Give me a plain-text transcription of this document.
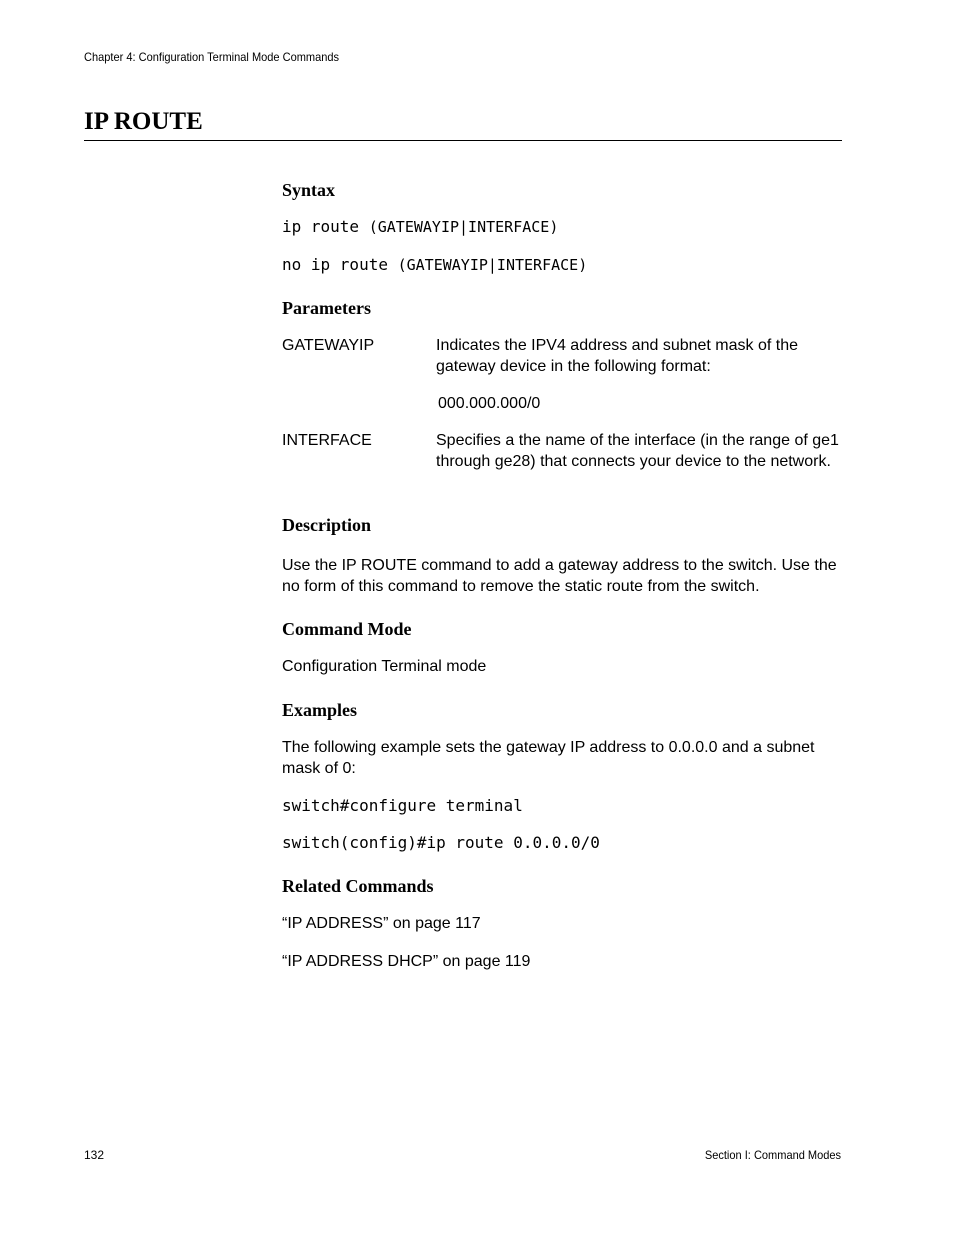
Chapter 4: Configuration Terminal Mode Commands
IP ROUTE
Syntax
ip route (GATEWAYIP|INTERFACE)
no ip route (GATEWAYIP|INTERFACE)
Parameters
GATEWAYIP	Indicates the IPV4 address and subnet mask of the gateway device in the following format:
000.000.000/0
INTERFACE	Specifies a the name of the interface (in the range of ge1 through ge28) that connects your device to the network.
Description
Use the IP ROUTE command to add a gateway address to the switch. Use the no form of this command to remove the static route from the switch.
Command Mode
Configuration Terminal mode
Examples
The following example sets the gateway IP address to 0.0.0.0 and a subnet mask of 0:
switch#configure terminal
switch(config)#ip route 0.0.0.0/0
Related Commands
“IP ADDRESS” on page 117
“IP ADDRESS DHCP” on page 119
132	Section I: Command Modes
